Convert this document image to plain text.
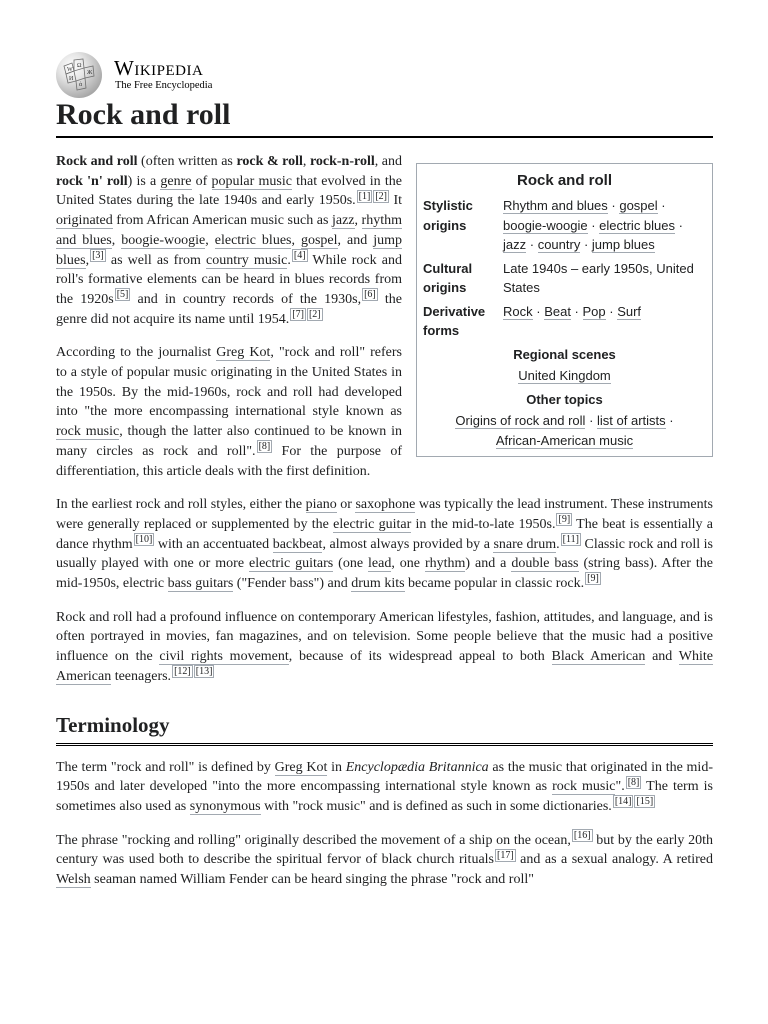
W
Ω
Ж
И
ά
Wikipedia
The Free Encyclopedia
Rock and roll
Rock and roll
Stylistic origins
Rhythm and blues · gospel · boogie-woogie · electric blues · jazz · country · jump blues
Cultural origins
Late 1940s – early 1950s, United States
Derivative forms
Rock · Beat · Pop · Surf
Regional scenes
United Kingdom
Other topics
Origins of rock and roll · list of artists ·
African-American music

Rock and roll (often written as rock & roll, rock-n-roll, and rock 'n' roll) is a genre of popular music that evolved in the United States during the late 1940s and early 1950s. [1] [2] It originated from African American music such as jazz, rhythm and blues, boogie-woogie, electric blues, gospel, and jump blues, [3] as well as from country music. [4] While rock and roll's formative elements can be heard in blues records from the 1920s [5] and in country records of the 1930s, [6] the genre did not acquire its name until 1954. [7] [2]

According to the journalist Greg Kot, "rock and roll" refers to a style of popular music originating in the United States in the 1950s. By the mid-1960s, rock and roll had developed into "the more encompassing international style known as rock music, though the latter also continued to be known in many circles as rock and roll". [8] For the purpose of differentiation, this article deals with the first definition.

In the earliest rock and roll styles, either the piano or saxophone was typically the lead instrument. These instruments were generally replaced or supplemented by the electric guitar in the mid-to-late 1950s. [9] The beat is essentially a dance rhythm [10] with an accentuated backbeat, almost always provided by a snare drum. [11] Classic rock and roll is usually played with one or more electric guitars (one lead, one rhythm) and a double bass (string bass). After the mid-1950s, electric bass guitars ("Fender bass") and drum kits became popular in classic rock. [9]

Rock and roll had a profound influence on contemporary American lifestyles, fashion, attitudes, and language, and is often portrayed in movies, fan magazines, and on television. Some people believe that the music had a positive influence on the civil rights movement, because of its widespread appeal to both Black American and White American teenagers. [12] [13]

Terminology

The term "rock and roll" is defined by Greg Kot in Encyclopædia Britannica as the music that originated in the mid-1950s and later developed "into the more encompassing international style known as rock music". [8] The term is sometimes also used as synonymous with "rock music" and is defined as such in some dictionaries. [14] [15]

The phrase "rocking and rolling" originally described the movement of a ship on the ocean, [16] but by the early 20th century was used both to describe the spiritual fervor of black church rituals [17] and as a sexual analogy. A retired Welsh seaman named William Fender can be heard singing the phrase "rock and roll"
